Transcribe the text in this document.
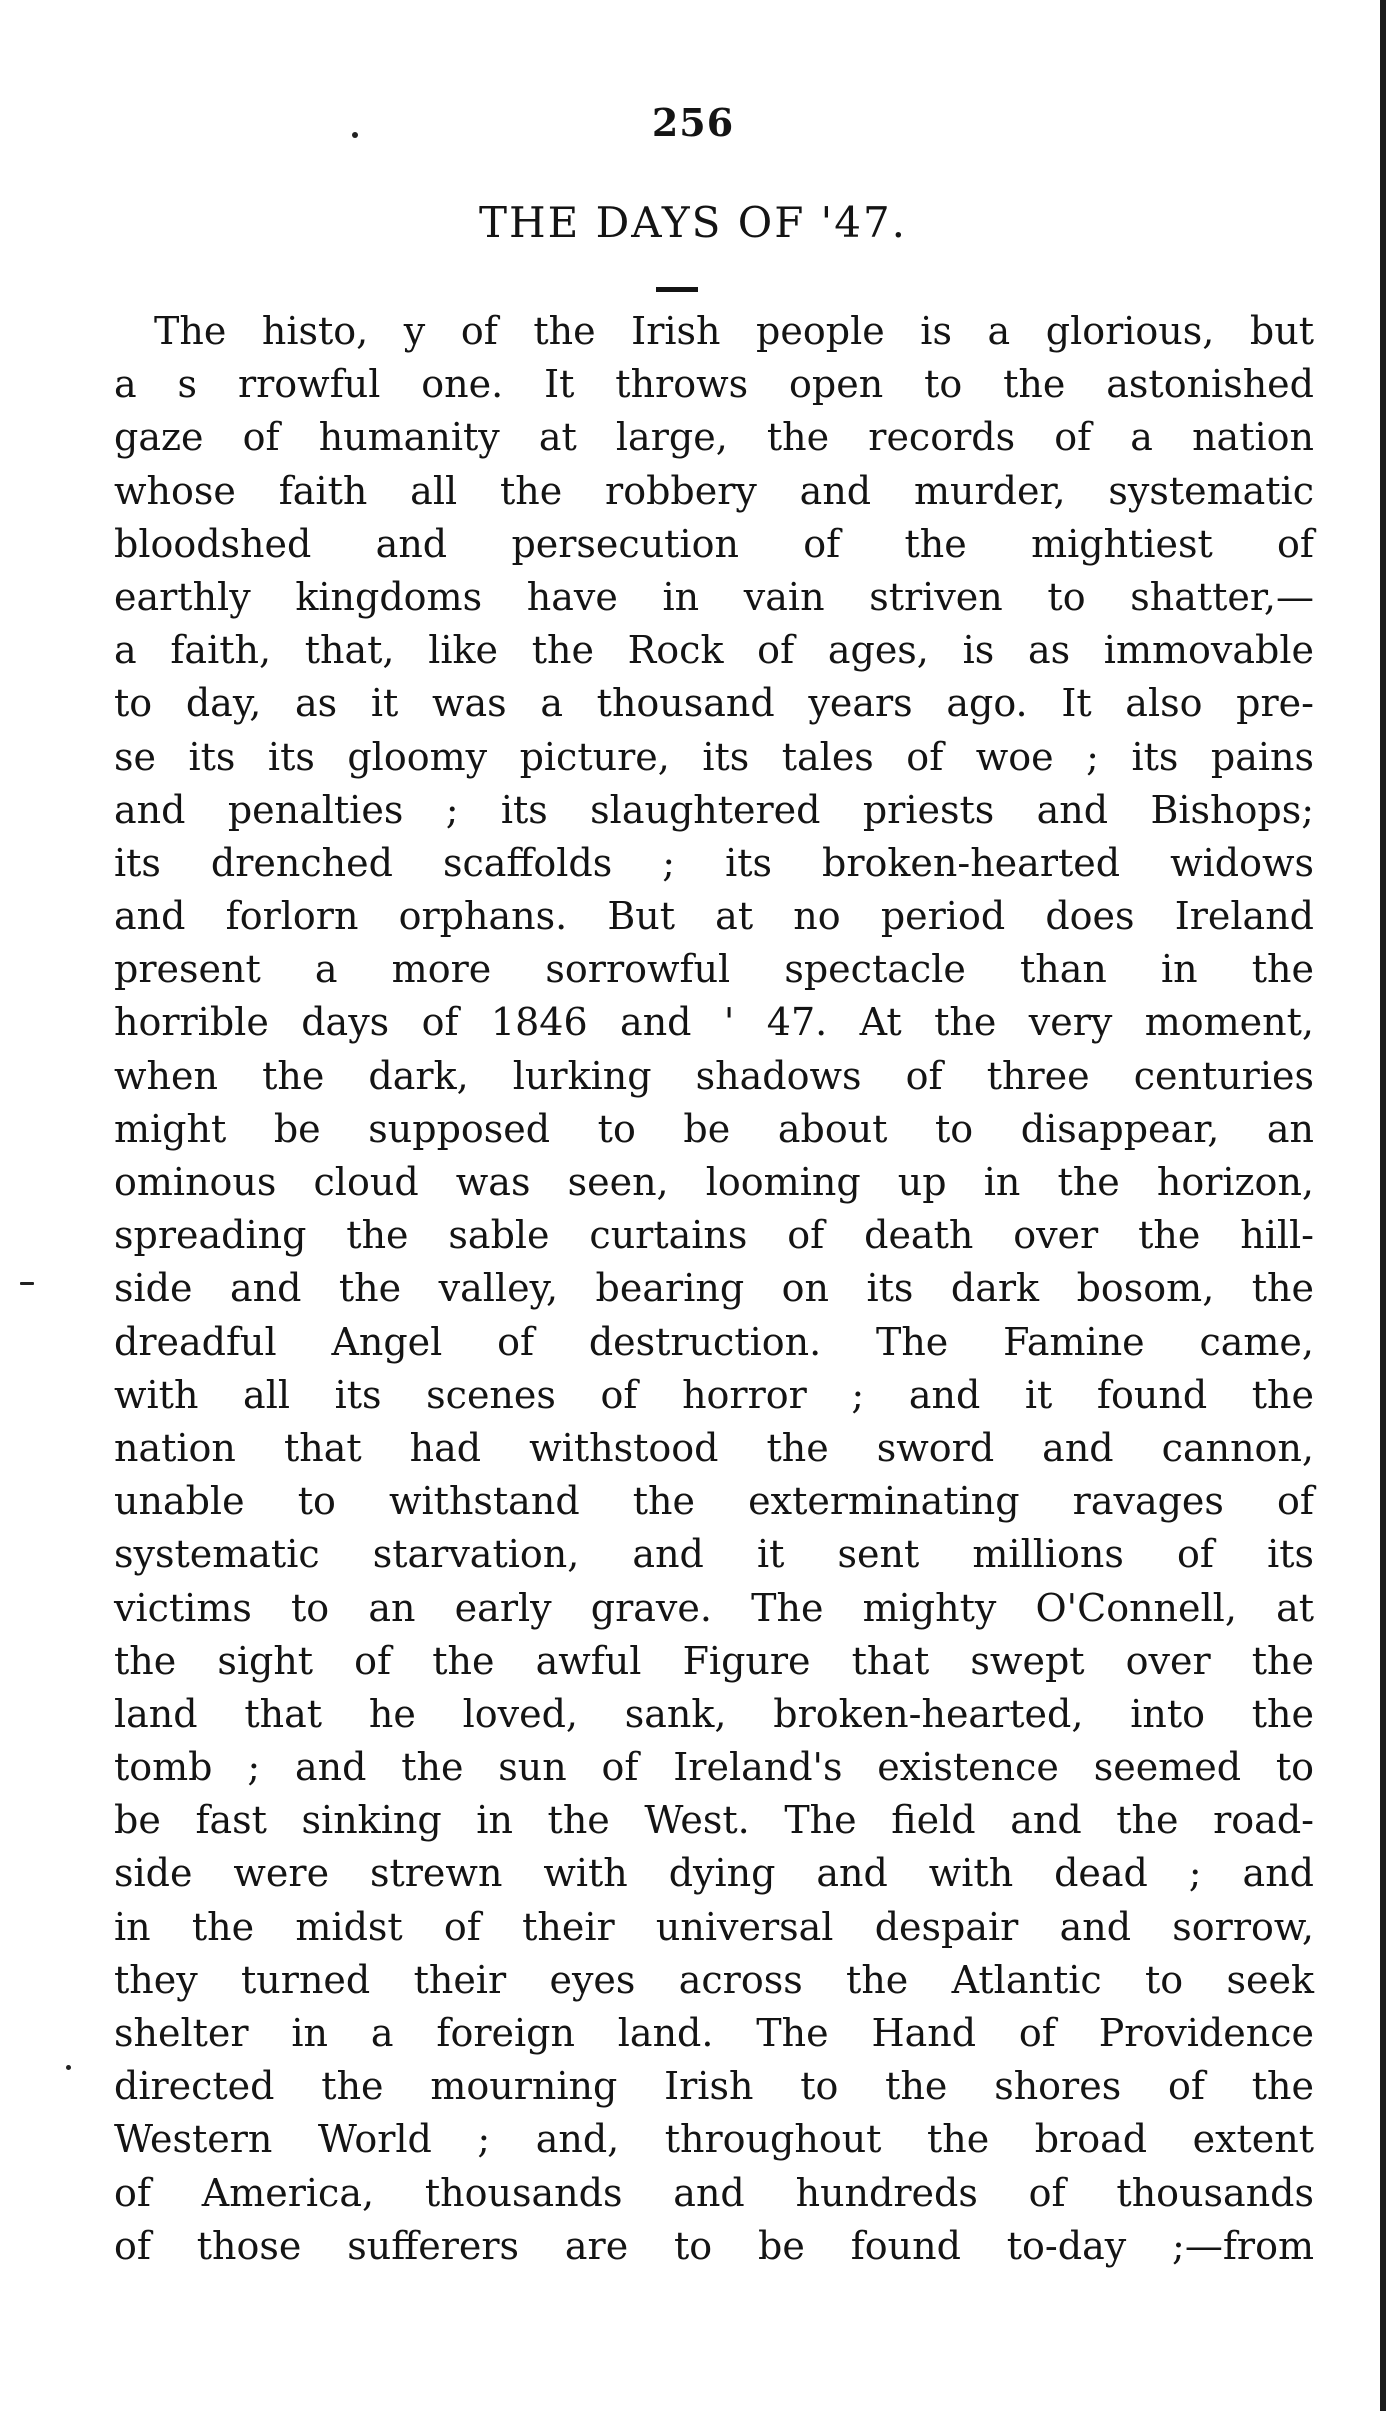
256
THE DAYS OF '47.
The histo, y of the Irish people is a glorious, but
a s rrowful one. It throws open to the astonished
gaze of humanity at large, the records of a nation
whose faith all the robbery and murder, systematic
bloodshed and persecution of the mightiest of
earthly kingdoms have in vain striven to shatter,—
a faith, that, like the Rock of ages, is as immovable
to day, as it was a thousand years ago. It also pre-
se its its gloomy picture, its tales of woe ; its pains
and penalties ; its slaughtered priests and Bishops;
its drenched scaffolds ; its broken-hearted widows
and forlorn orphans. But at no period does Ireland
present a more sorrowful spectacle than in the
horrible days of 1846 and ' 47. At the very moment,
when the dark, lurking shadows of three centuries
might be supposed to be about to disappear, an
ominous cloud was seen, looming up in the horizon,
spreading the sable curtains of death over the hill-
side and the valley, bearing on its dark bosom, the
dreadful Angel of destruction. The Famine came,
with all its scenes of horror ; and it found the
nation that had withstood the sword and cannon,
unable to withstand the exterminating ravages of
systematic starvation, and it sent millions of its
victims to an early grave. The mighty O'Connell, at
the sight of the awful Figure that swept over the
land that he loved, sank, broken-hearted, into the
tomb ; and the sun of Ireland's existence seemed to
be fast sinking in the West. The field and the road-
side were strewn with dying and with dead ; and
in the midst of their universal despair and sorrow,
they turned their eyes across the Atlantic to seek
shelter in a foreign land. The Hand of Providence
directed the mourning Irish to the shores of the
Western World ; and, throughout the broad extent
of America, thousands and hundreds of thousands
of those sufferers are to be found to-day ;—from
